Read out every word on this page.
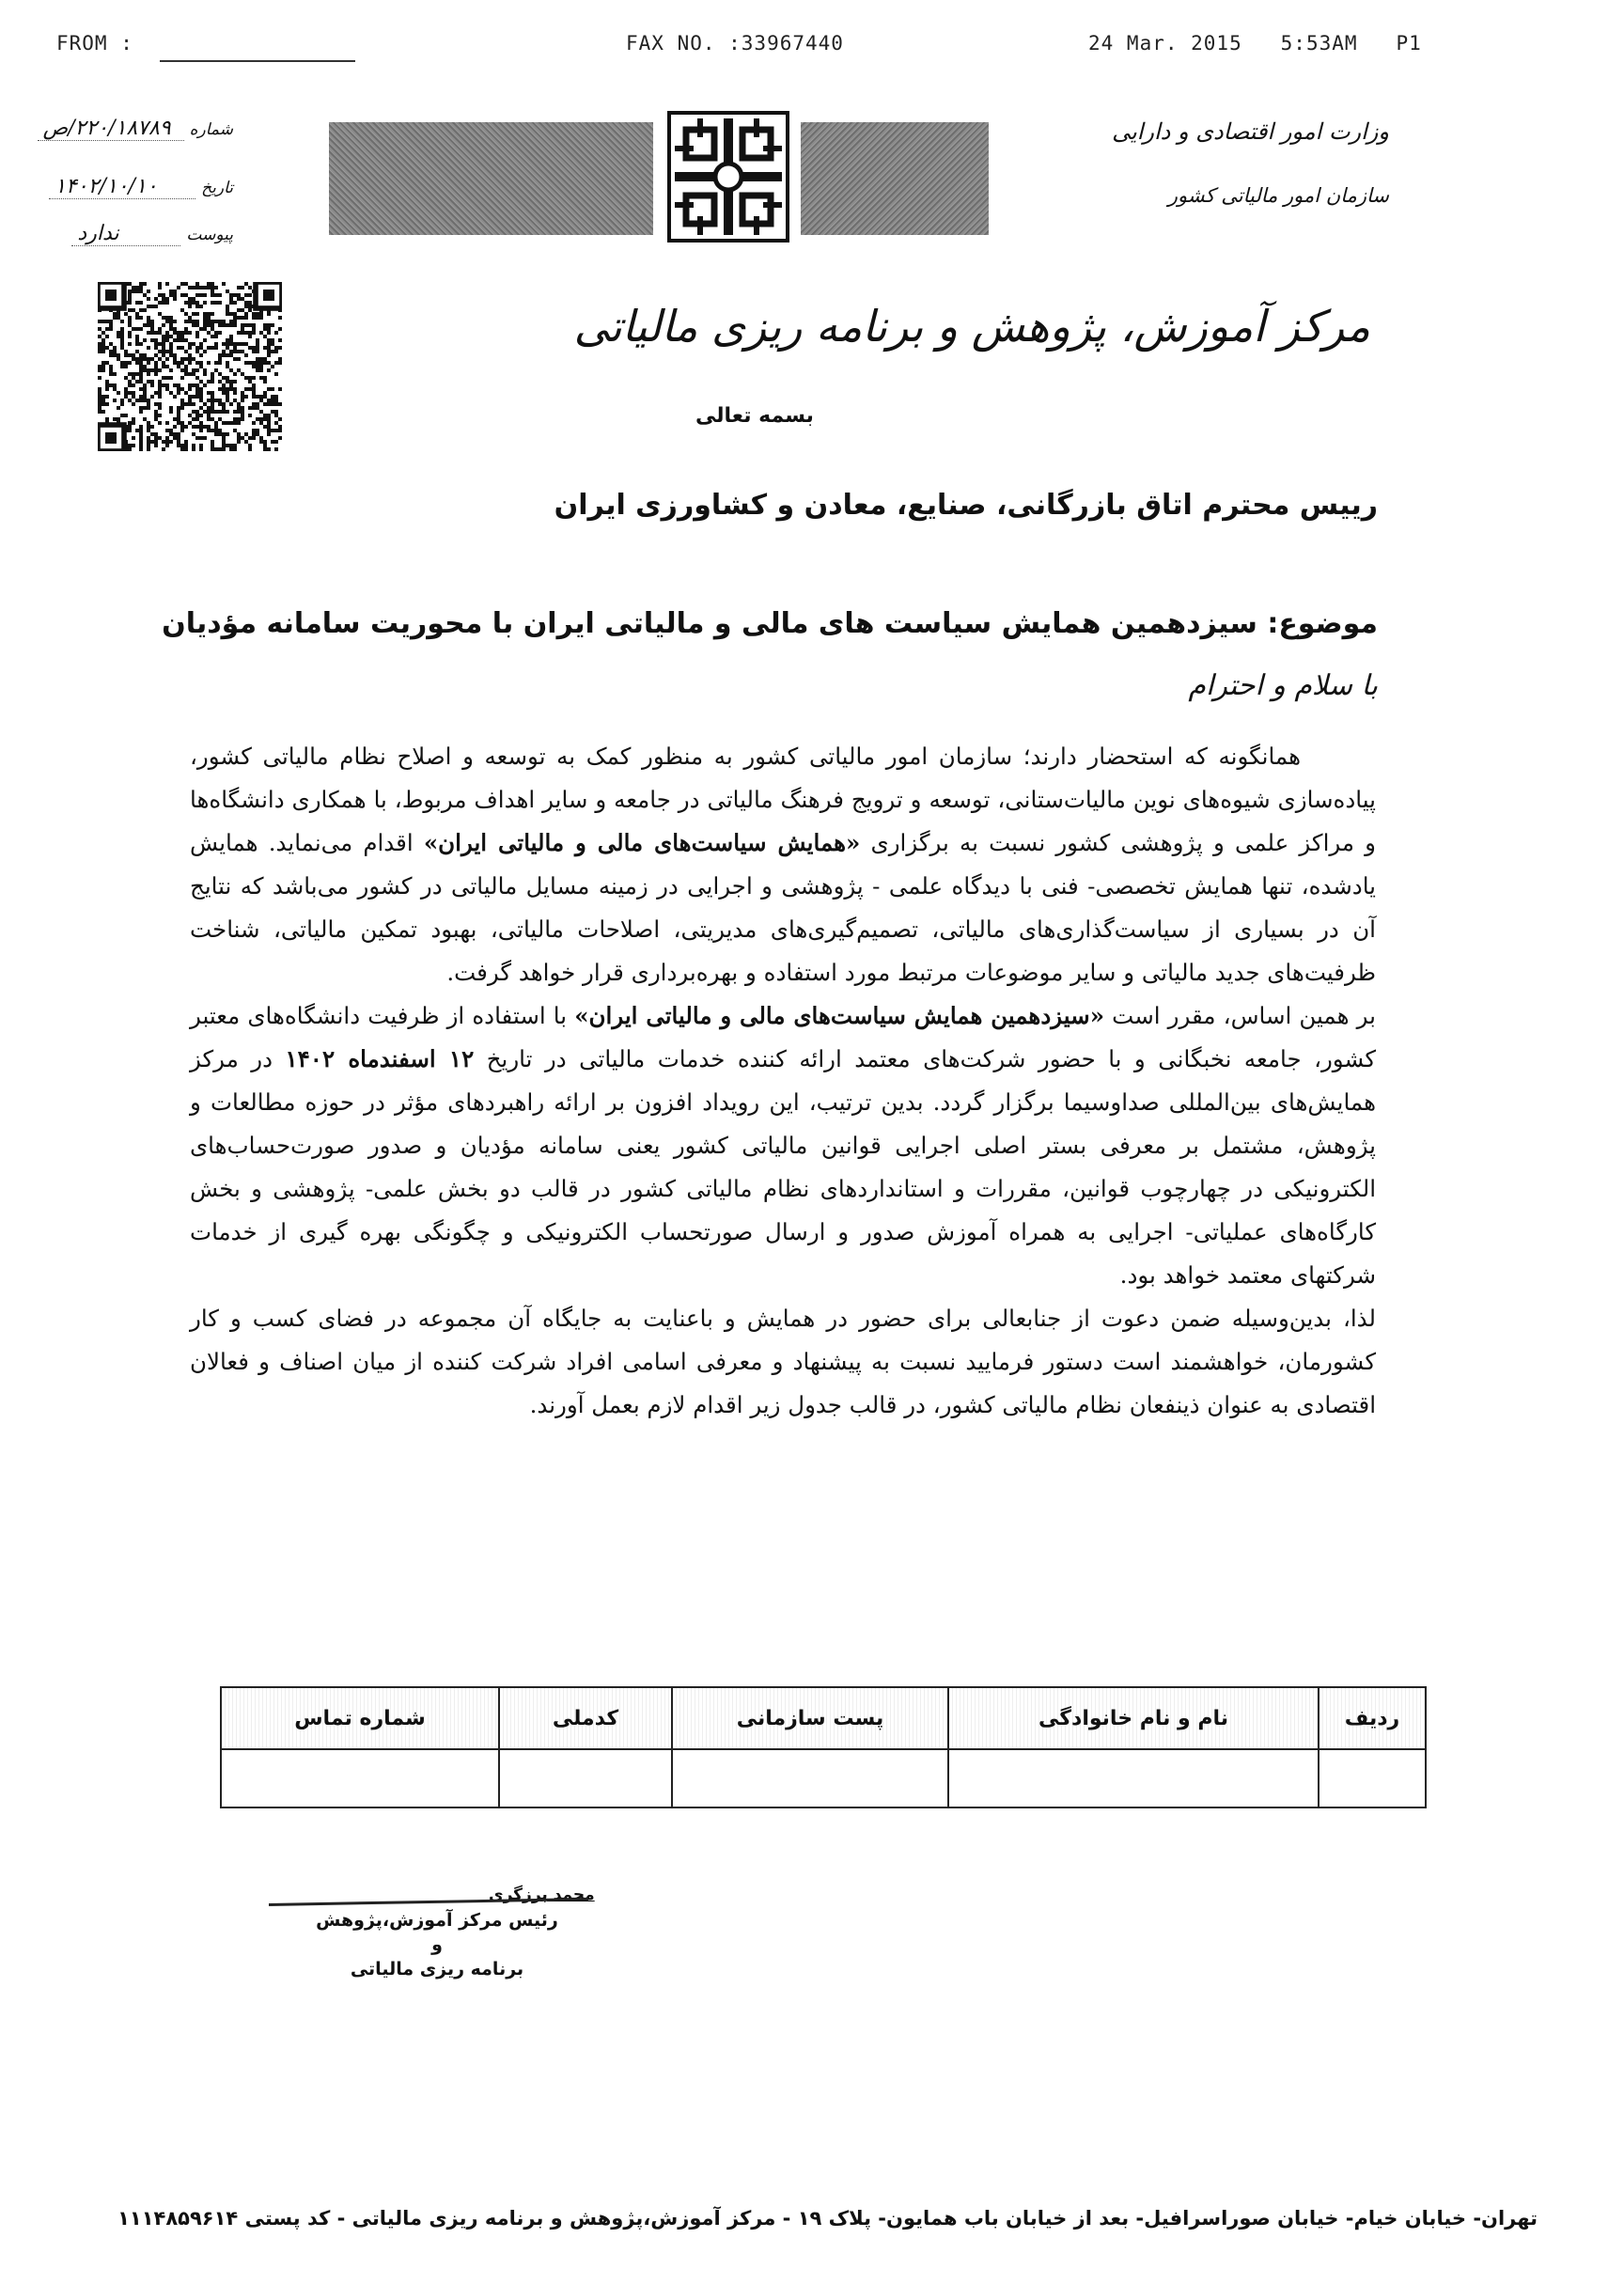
FROM :	FAX NO. :33967440	24 Mar. 2015 5:53AM P1
شماره۲۲۰/۱۸۷۸۹/ص
تاریخ۱۴۰۲/۱۰/۱۰
پیوستندارد
وزارت امور اقتصادی و دارایی
سازمان امور مالیاتی کشور
مرکز آموزش، پژوهش و برنامه ریزی مالیاتی
بسمه تعالی
رییس محترم اتاق بازرگانی، صنایع، معادن و کشاورزی ایران
موضوع: سیزدهمین همایش سیاست های مالی و مالیاتی ایران با محوریت سامانه مؤدیان
با سلام و احترام

همانگونه که استحضار دارند؛ سازمان امور مالیاتی کشور به منظور کمک به توسعه و اصلاح نظام مالیاتی کشور، پیاده‌سازی شیوه‌های نوین مالیات‌ستانی، توسعه و ترویج فرهنگ مالیاتی در جامعه و سایر اهداف مربوط، با همکاری دانشگاه‌ها و مراکز علمی و پژوهشی کشور نسبت به برگزاری «همایش سیاست‌های مالی و مالیاتی ایران» اقدام می‌نماید. همایش یادشده، تنها همایش تخصصی- فنی با دیدگاه علمی - پژوهشی و اجرایی در زمینه مسایل مالیاتی در کشور می‌باشد که نتایج آن در بسیاری از سیاست‌گذاری‌های مالیاتی، تصمیم‌گیری‌های مدیریتی، اصلاحات مالیاتی، بهبود تمکین مالیاتی، شناخت ظرفیت‌های جدید مالیاتی و سایر موضوعات مرتبط مورد استفاده و بهره‌برداری قرار خواهد گرفت.

بر همین اساس، مقرر است «سیزدهمین همایش سیاست‌های مالی و مالیاتی ایران» با استفاده از ظرفیت دانشگاه‌های معتبر کشور، جامعه نخبگانی و با حضور شرکت‌های معتمد ارائه کننده خدمات مالیاتی در تاریخ ۱۲ اسفندماه ۱۴۰۲ در مرکز همایش‌های بین‌المللی صداوسیما برگزار گردد. بدین ترتیب، این رویداد افزون بر ارائه راهبردهای مؤثر در حوزه مطالعات و پژوهش، مشتمل بر معرفی بستر اصلی اجرایی قوانین مالیاتی کشور یعنی سامانه مؤدیان و صدور صورت‌حساب‌های الکترونیکی در چهارچوب قوانین، مقررات و استانداردهای نظام مالیاتی کشور در قالب دو بخش علمی- پژوهشی و بخش کارگاه‌های عملیاتی- اجرایی به همراه آموزش صدور و ارسال صورتحساب الکترونیکی و چگونگی بهره گیری از خدمات شرکتهای معتمد خواهد بود.

لذا، بدین‌وسیله ضمن دعوت از جنابعالی برای حضور در همایش و باعنایت به جایگاه آن مجموعه در فضای کسب و کار کشورمان، خواهشمند است دستور فرمایید نسبت به پیشنهاد و معرفی اسامی افراد شرکت کننده از میان اصناف و فعالان اقتصادی به عنوان ذینفعان نظام مالیاتی کشور، در قالب جدول زیر اقدام لازم بعمل آورند.

ردیف	نام و نام خانوادگی	پست سازمانی	کدملی	شماره تماس

محمد برزگری
رئیس مرکز آموزش،پژوهش و
برنامه ریزی مالیاتی
تهران- خیابان خیام- خیابان صوراسرافیل- بعد از خیابان باب همایون- پلاک ۱۹ - مرکز آموزش،پژوهش و برنامه ریزی مالیاتی - کد پستی ۱۱۱۴۸۵۹۶۱۴
